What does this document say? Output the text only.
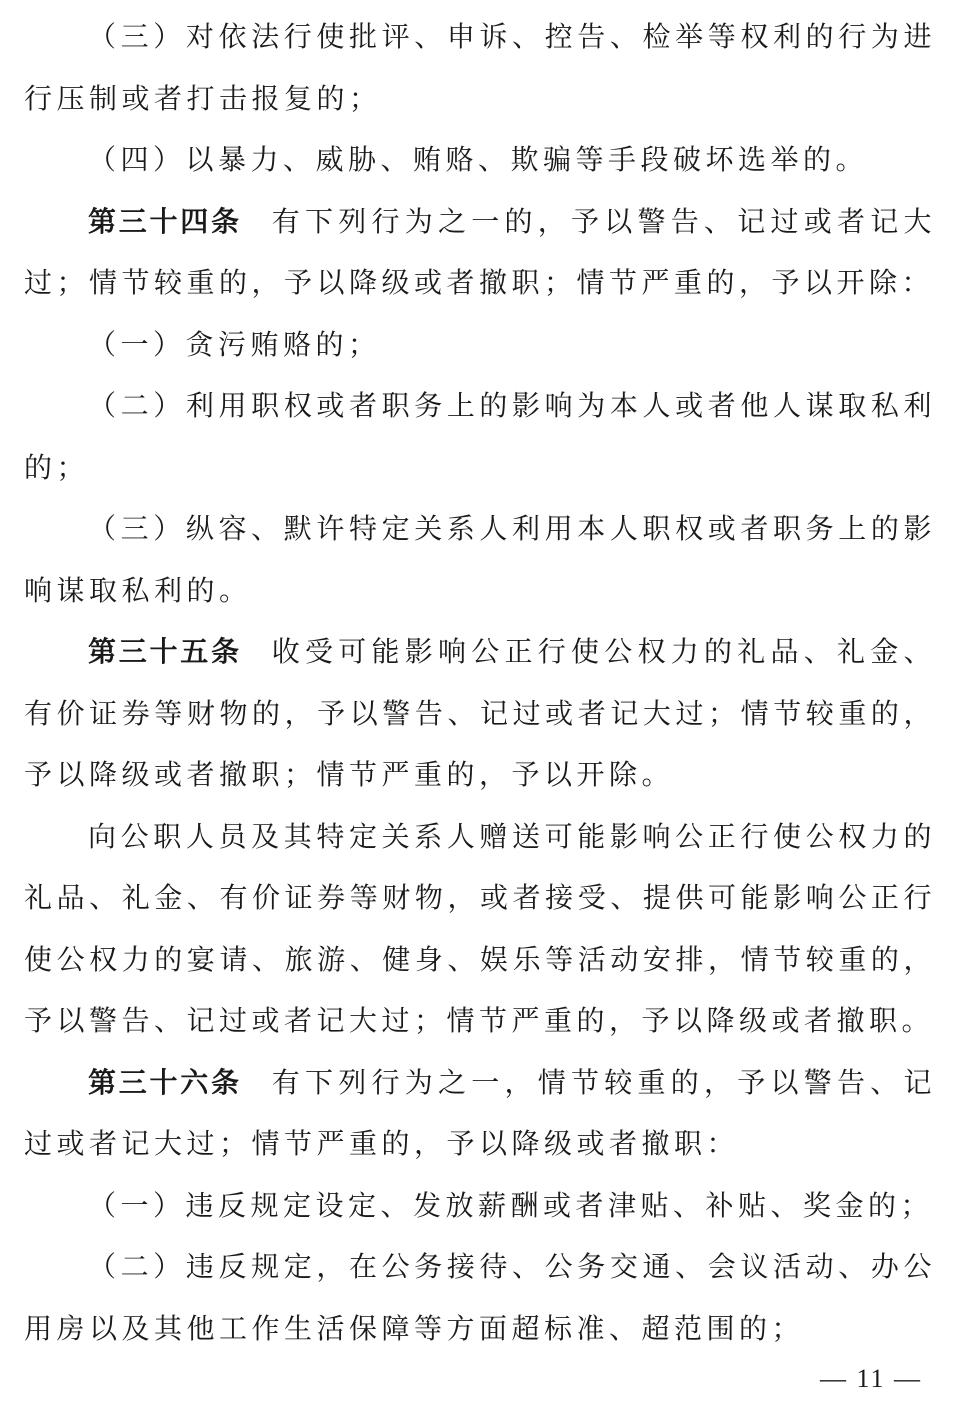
（三）对依法行使批评、申诉、控告、检举等权利的行为进行压制或者打击报复的；

（四）以暴力、威胁、贿赂、欺骗等手段破坏选举的。

第三十四条 有下列行为之一的，予以警告、记过或者记大过；情节较重的，予以降级或者撤职；情节严重的，予以开除：

（一）贪污贿赂的；

（二）利用职权或者职务上的影响为本人或者他人谋取私利的；

（三）纵容、默许特定关系人利用本人职权或者职务上的影响谋取私利的。

第三十五条 收受可能影响公正行使公权力的礼品、礼金、有价证券等财物的，予以警告、记过或者记大过；情节较重的，予以降级或者撤职；情节严重的，予以开除。

向公职人员及其特定关系人赠送可能影响公正行使公权力的礼品、礼金、有价证券等财物，或者接受、提供可能影响公正行使公权力的宴请、旅游、健身、娱乐等活动安排，情节较重的，予以警告、记过或者记大过；情节严重的，予以降级或者撤职。

第三十六条 有下列行为之一，情节较重的，予以警告、记过或者记大过；情节严重的，予以降级或者撤职：

（一）违反规定设定、发放薪酬或者津贴、补贴、奖金的；

（二）违反规定，在公务接待、公务交通、会议活动、办公用房以及其他工作生活保障等方面超标准、超范围的；

— 11 —
